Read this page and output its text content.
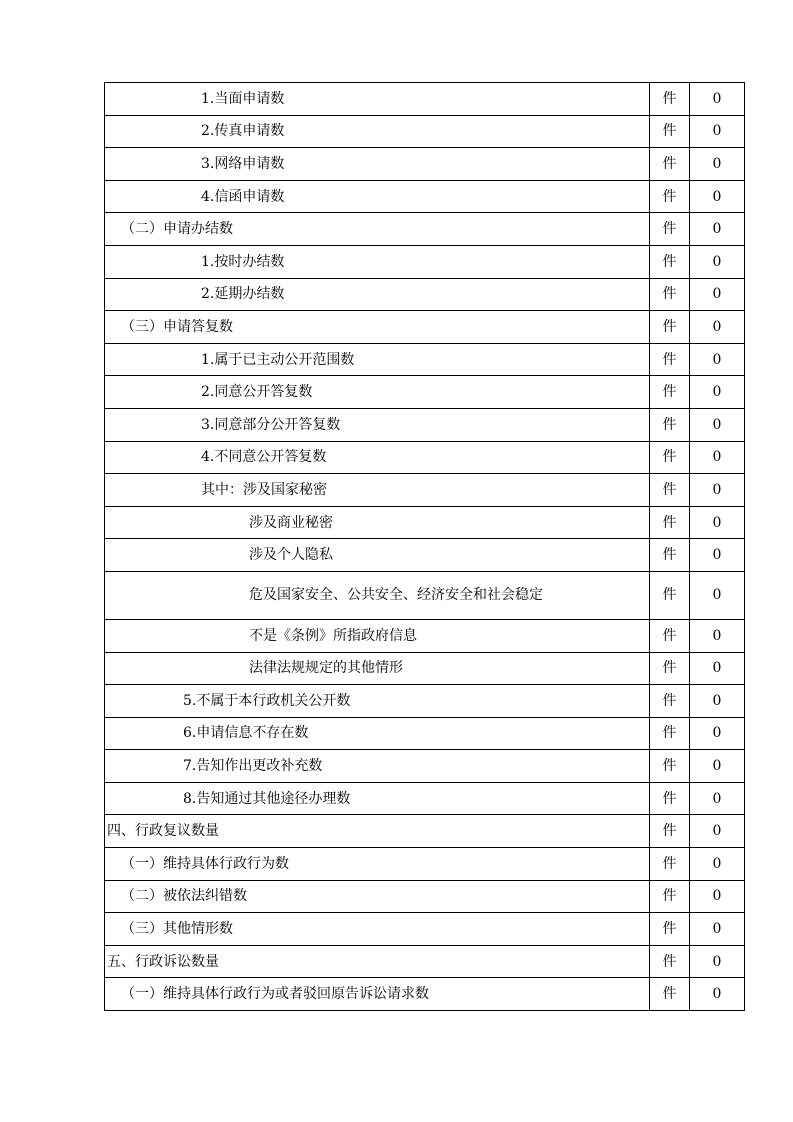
1.当面申请数	件	0

2.传真申请数	件	0

3.网络申请数	件	0

4.信函申请数	件	0

（二）申请办结数	件	0

1.按时办结数	件	0

2.延期办结数	件	0

（三）申请答复数	件	0

1.属于已主动公开范围数	件	0

2.同意公开答复数	件	0

3.同意部分公开答复数	件	0

4.不同意公开答复数	件	0

其中：涉及国家秘密	件	0

涉及商业秘密	件	0

涉及个人隐私	件	0

危及国家安全、公共安全、经济安全和社会稳定	件	0

不是《条例》所指政府信息	件	0

法律法规规定的其他情形	件	0

5.不属于本行政机关公开数	件	0

6.申请信息不存在数	件	0

7.告知作出更改补充数	件	0

8.告知通过其他途径办理数	件	0

四、行政复议数量	件	0

（一）维持具体行政行为数	件	0

（二）被依法纠错数	件	0

（三）其他情形数	件	0

五、行政诉讼数量	件	0

（一）维持具体行政行为或者驳回原告诉讼请求数	件	0
